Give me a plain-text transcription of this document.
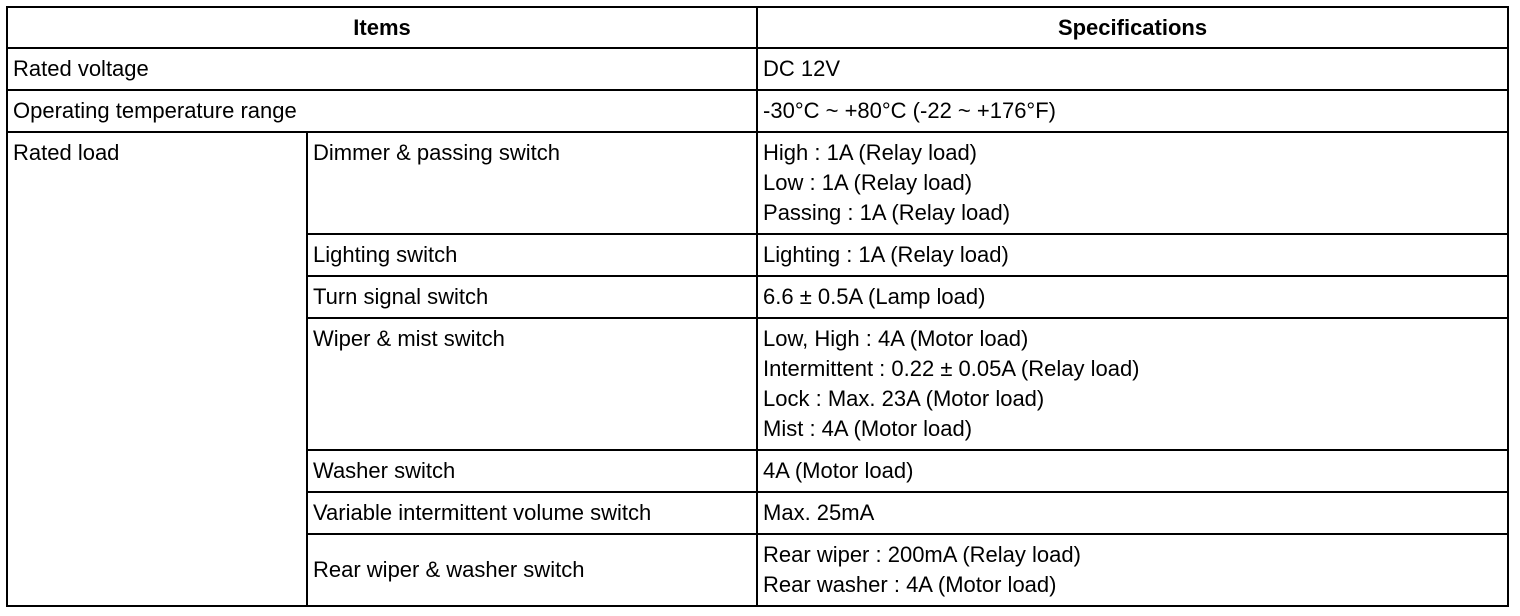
Items		Specifications
Rated voltage		DC 12V

Operating temperature range		-30°C ~ +80°C (-22 ~ +176°F)

Rated load	Dimmer & passing switch	High : 1A (Relay load)
Low : 1A (Relay load)
Passing : 1A (Relay load)

	Lighting switch	Lighting : 1A (Relay load)

	Turn signal switch	6.6 ± 0.5A (Lamp load)

	Wiper & mist switch	Low, High : 4A (Motor load)
Intermittent : 0.22 ± 0.05A (Relay load)
Lock : Max. 23A (Motor load)
Mist : 4A (Motor load)

	Washer switch	4A (Motor load)

	Variable intermittent volume switch	Max. 25mA

	Rear wiper & washer switch	Rear wiper : 200mA (Relay load)
Rear washer : 4A (Motor load)
